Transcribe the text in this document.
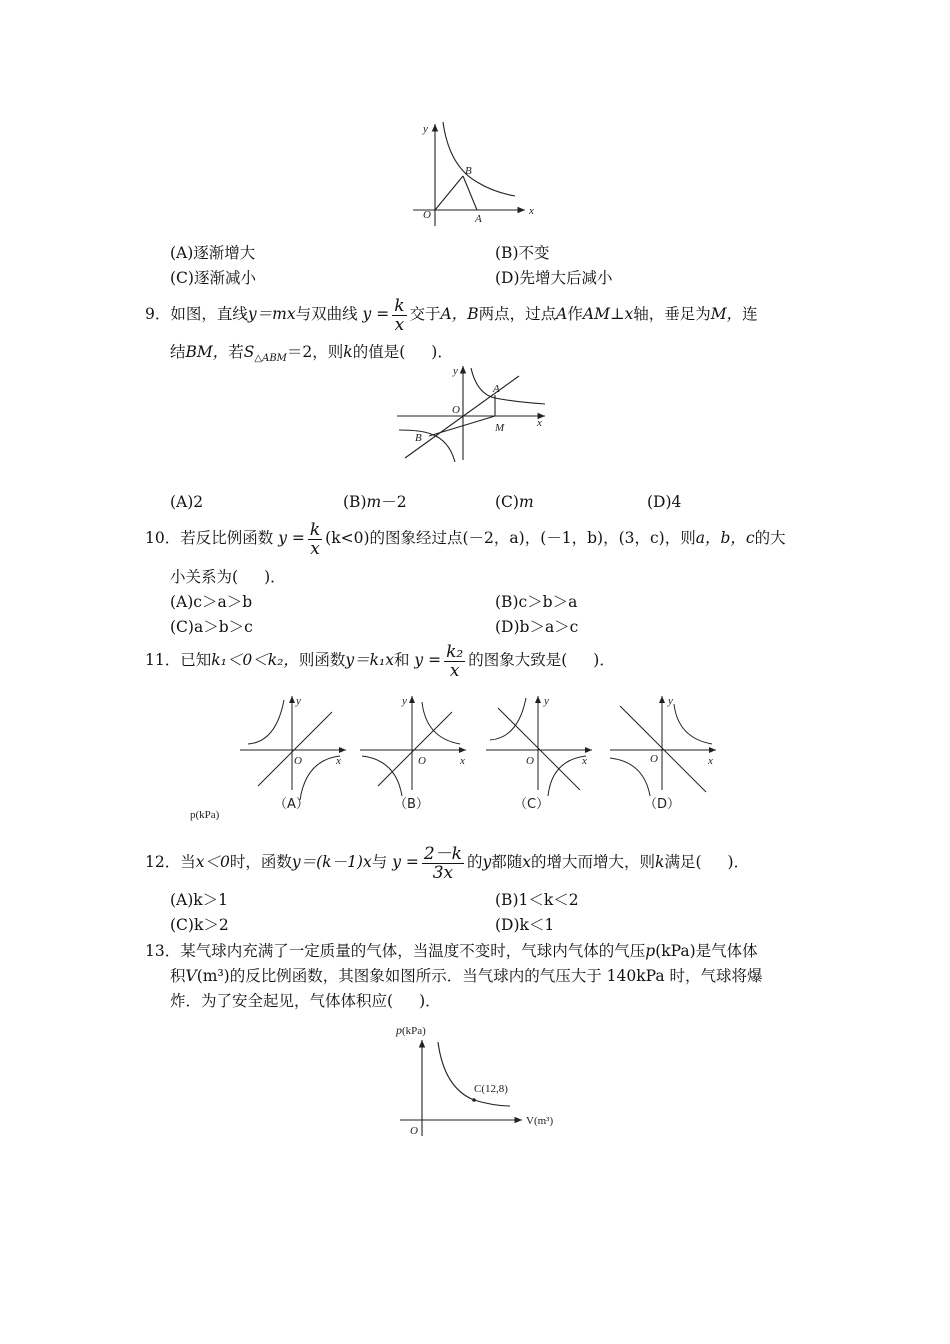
y
x
O	A
B
(A)逐渐增大	(B)不变
(C)逐渐减小	(D)先增大后减小
9．如图，直线y＝mx与双曲线 $y = \frac{k}{x}$ 交于A，B两点，过点A作AM⊥x轴，垂足为M，连
结BM，若$S_{\triangle ABM}=2$，则k的值是( )．
y
x
O
A
B
M
(A)2	(B)m－2	(C)m	(D)4
10．若反比例函数 $y = \frac{k}{x} (k<0)$的图象经过点(－2，a)，(－1，b)，(3，c)，则a，b，c的大
小关系为( )．
(A)c＞a＞b	(B)c＞b＞a
(C)a＞b＞c	(D)b＞a＞c
11．已知k₁＜0＜k₂，则函数y＝k₁x和 $y = \frac{\text{k₂}}{x}$ 的图象大致是( )．
y
x
O
（A）
y
x
O
（B）
y
x
O
（C）
y
x
O
（D）
12．当x＜0时，函数y＝(k－1)x与 $y = \frac{2-k}{3x}$ 的y都随x的增大而增大，则k满足( )．
(A)k＞1	(B)1＜k＜2
(C)k＞2	(D)k＜1
13．某气球内充满了一定质量的气体，当温度不变时，气球内气体的气压p(kPa)是气体体
积V(m³)的反比例函数，其图象如图所示．当气球内的气压大于 140kPa 时，气球将爆
炸．为了安全起见，气体体积应( )．
p(kPa)
p(kPa)
C(12,8)
V(m³)
O
